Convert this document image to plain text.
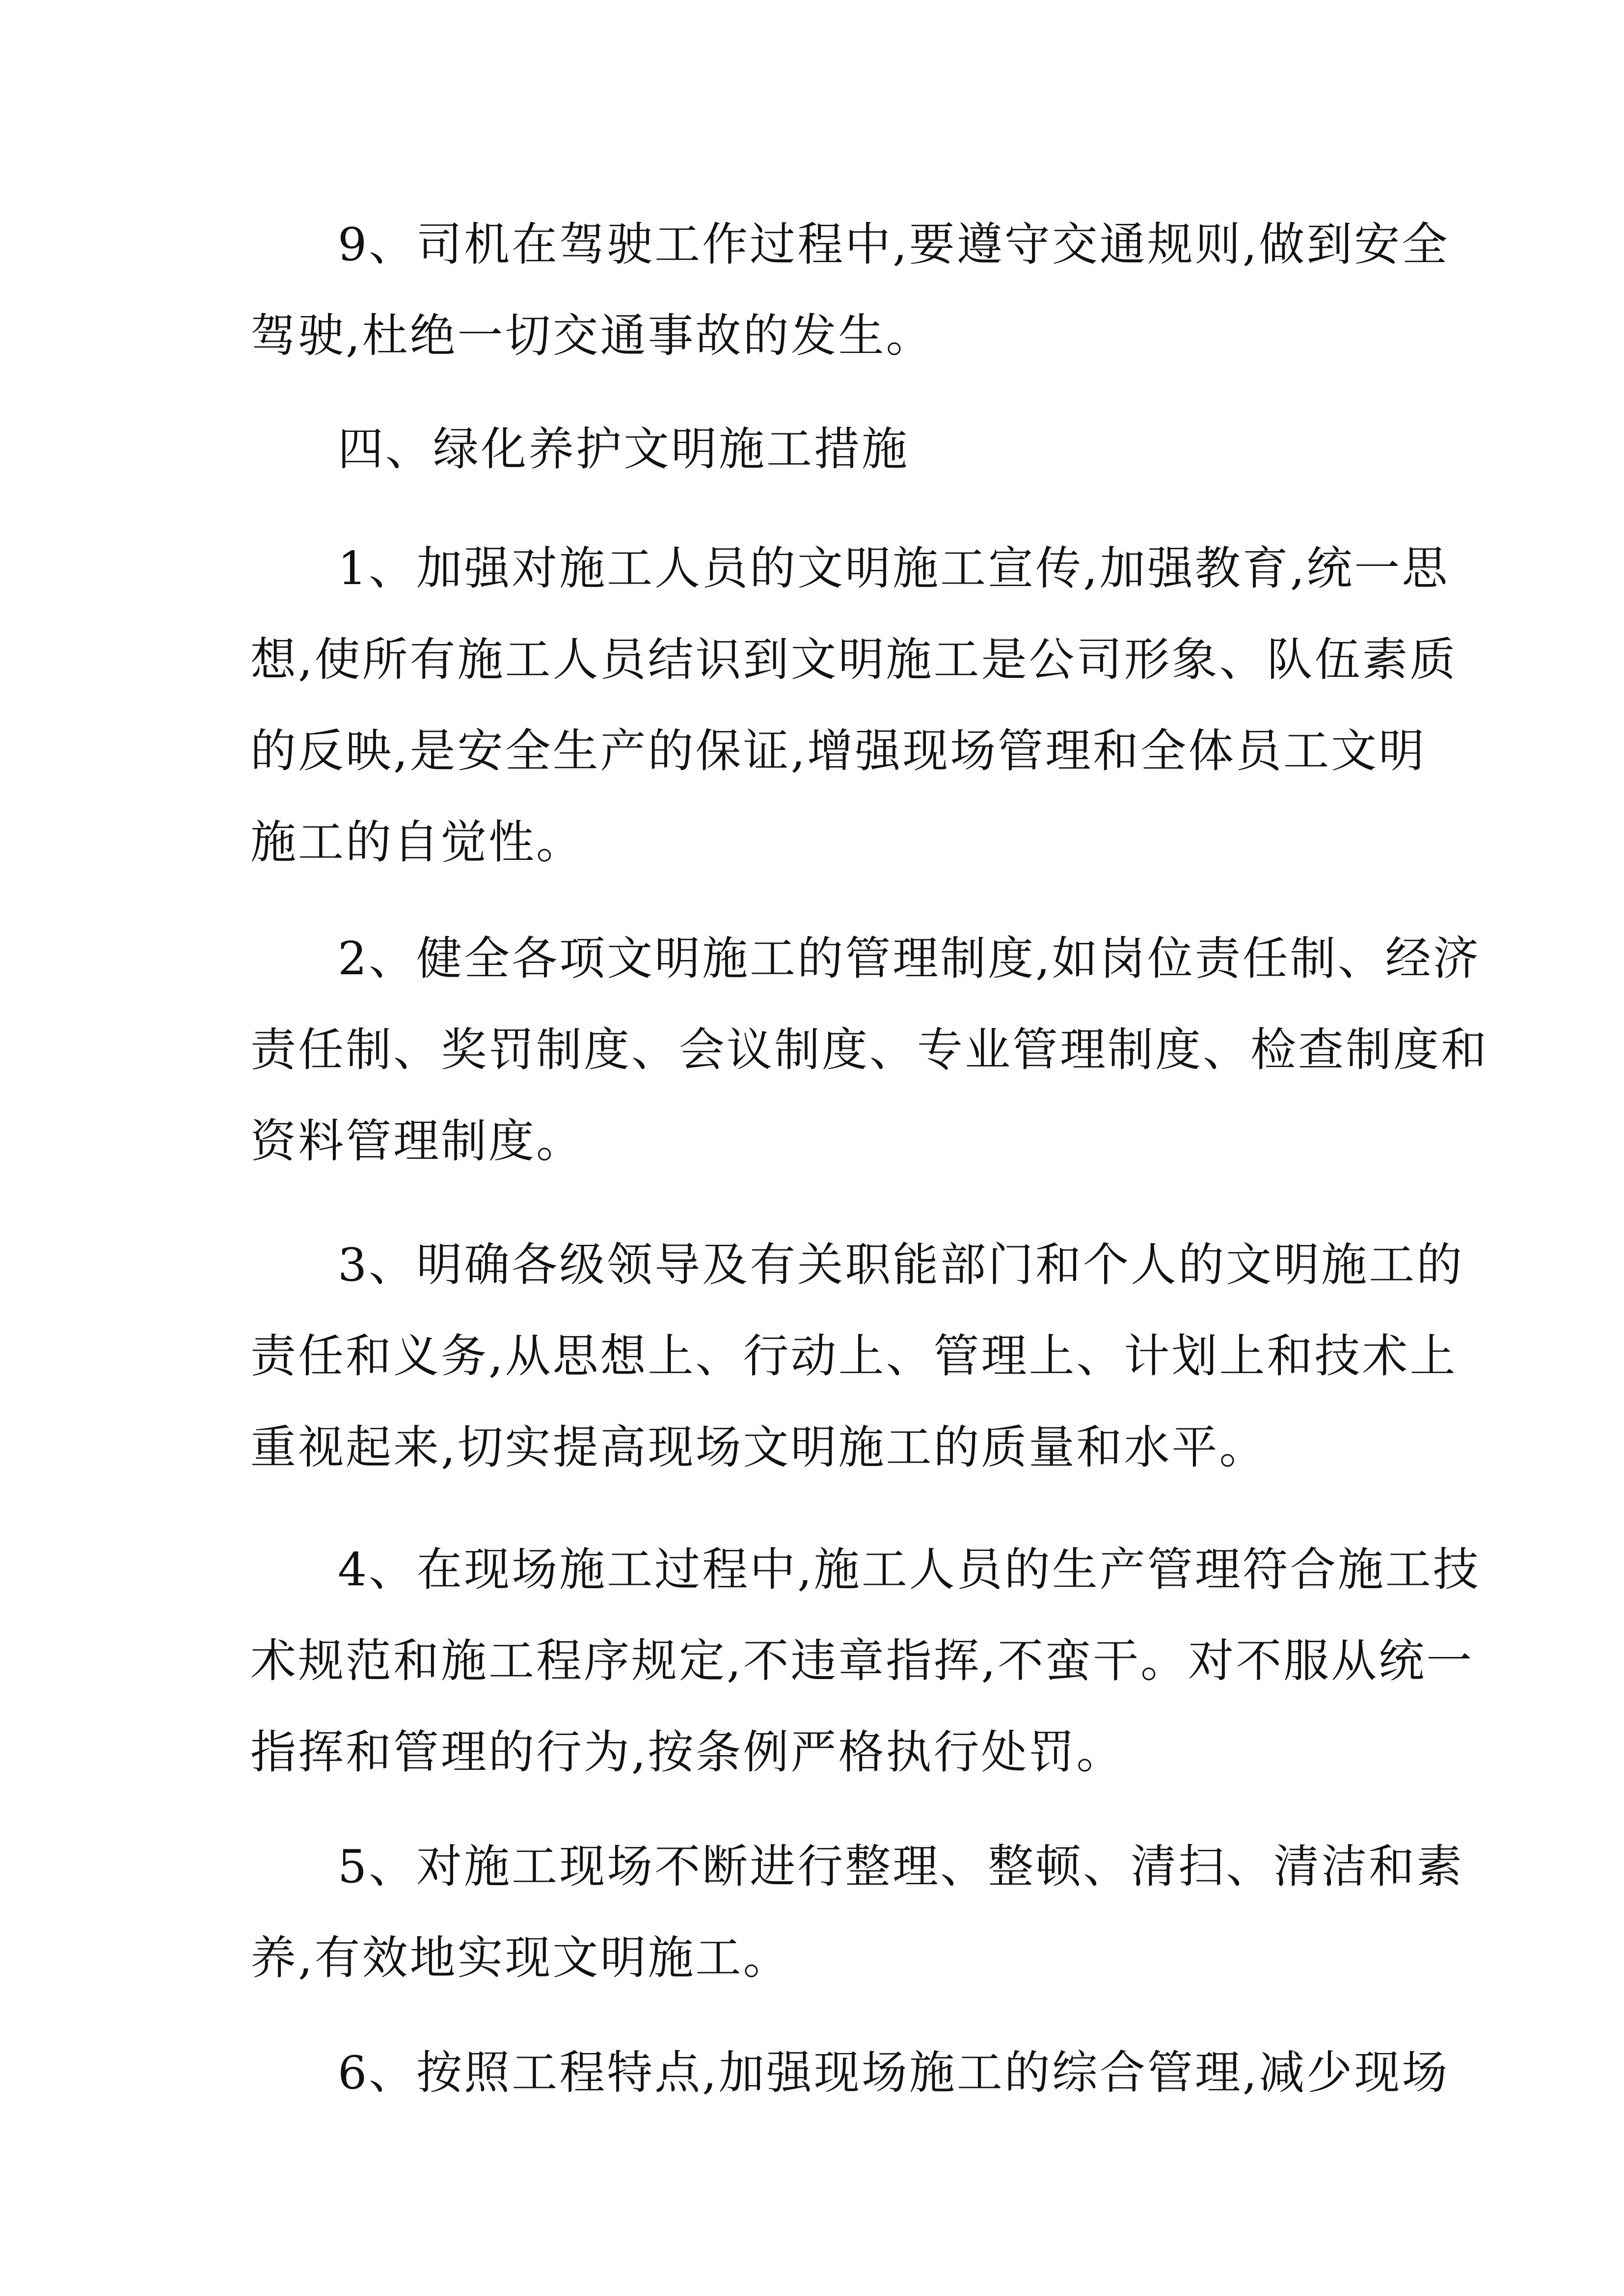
9、司机在驾驶工作过程中,要遵守交通规则,做到安全
驾驶,杜绝一切交通事故的发生。

四、绿化养护文明施工措施

1、加强对施工人员的文明施工宣传,加强教育,统一思
想,使所有施工人员结识到文明施工是公司形象、队伍素质
的反映,是安全生产的保证,增强现场管理和全体员工文明
施工的自觉性。

2、健全各项文明施工的管理制度,如岗位责任制、经济
责任制、奖罚制度、会议制度、专业管理制度、检查制度和
资料管理制度。

3、明确各级领导及有关职能部门和个人的文明施工的
责任和义务,从思想上、行动上、管理上、计划上和技术上
重视起来,切实提高现场文明施工的质量和水平。

4、在现场施工过程中,施工人员的生产管理符合施工技
术规范和施工程序规定,不违章指挥,不蛮干。对不服从统一
指挥和管理的行为,按条例严格执行处罚。

5、对施工现场不断进行整理、整顿、清扫、清洁和素
养,有效地实现文明施工。

6、按照工程特点,加强现场施工的综合管理,减少现场
